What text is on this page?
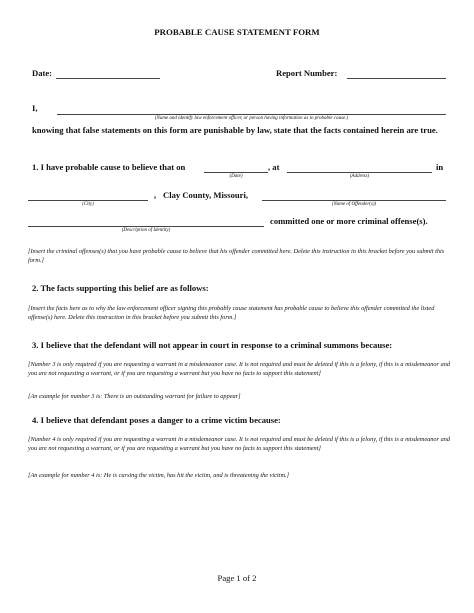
PROBABLE CAUSE STATEMENT FORM
Date:	Report Number:
I,
(Name and identify law enforcement officer, or person having information as to probable cause.)
knowing that false statements on this form are punishable by law, state that the facts contained herein are true.
1. I have probable cause to believe that on
(Date)
, at
(Address)
in
(City)
, Clay County, Missouri,
(Name of Offender(s))
(Description of Identity)
committed one or more criminal offense(s).
[Insert the criminal offenses(s) that you have probable cause to believe that his offender committed here. Delete this instruction in this bracket before you submit this form.]
2. The facts supporting this belief are as follows:
[Insert the facts here as to why the law enforcement officer signing this probably cause statement has probable cause to believe this offender committed the listed offense(s) here. Delete this instruction in this bracket before you submit this form.]
3. I believe that the defendant will not appear in court in response to a criminal summons because:
[Number 3 is only required if you are requesting a warrant in a misdemeanor case. It is not required and must be deleted if this is a felony, if this is a misdemeanor and you are not requesting a warrant, or if you are requesting a warrant but you have no facts to support this statement]
[An example for number 3 is: There is an outstanding warrant for failure to appear]
4. I believe that defendant poses a danger to a crime victim because:
[Number 4 is only required if you are requesting a warrant in a misdemeanor case. It is not required and must be deleted if this is a felony, if this is a misdemeanor and you are not requesting a warrant, or if you are requesting a warrant but you have no facts to support this statement]
[An example for number 4 is: He is cursing the victim, has hit the victim, and is threatening the victim.]
Page 1 of 2
